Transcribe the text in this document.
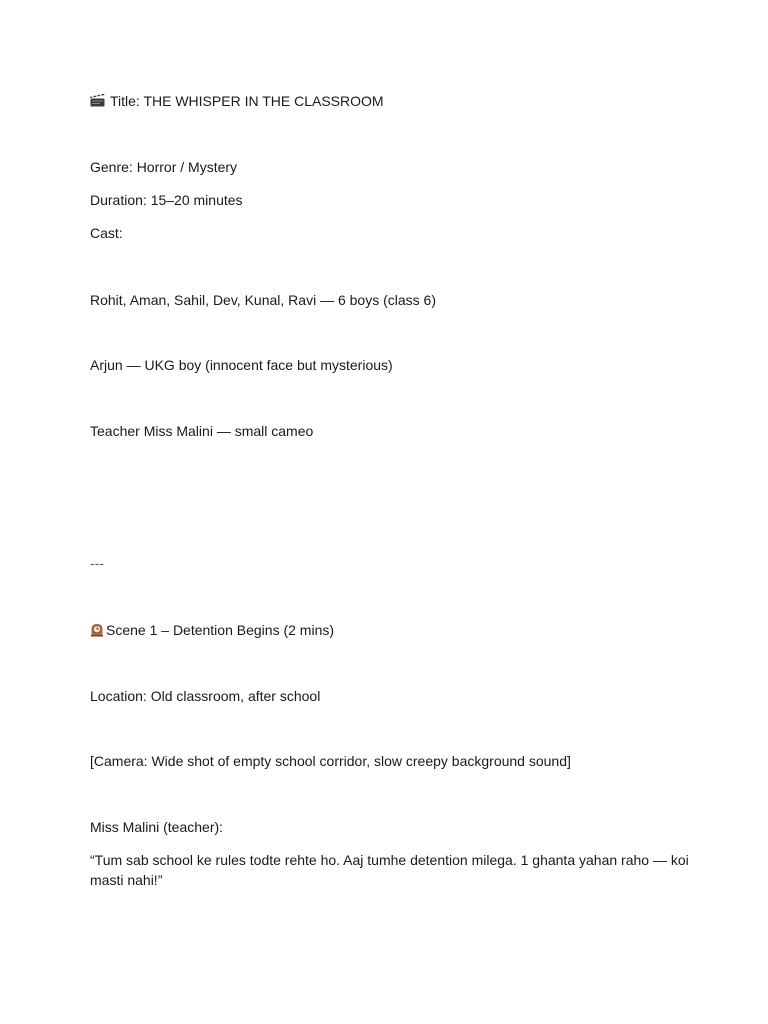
Title: THE WHISPER IN THE CLASSROOM

Genre: Horror / Mystery

Duration: 15–20 minutes

Cast:

Rohit, Aman, Sahil, Dev, Kunal, Ravi — 6 boys (class 6)

Arjun — UKG boy (innocent face but mysterious)

Teacher Miss Malini — small cameo

---

Scene 1 – Detention Begins (2 mins)

Location: Old classroom, after school

[Camera: Wide shot of empty school corridor, slow creepy background sound]

Miss Malini (teacher):

“Tum sab school ke rules todte rehte ho. Aaj tumhe detention milega. 1 ghanta yahan raho — koi masti nahi!”
